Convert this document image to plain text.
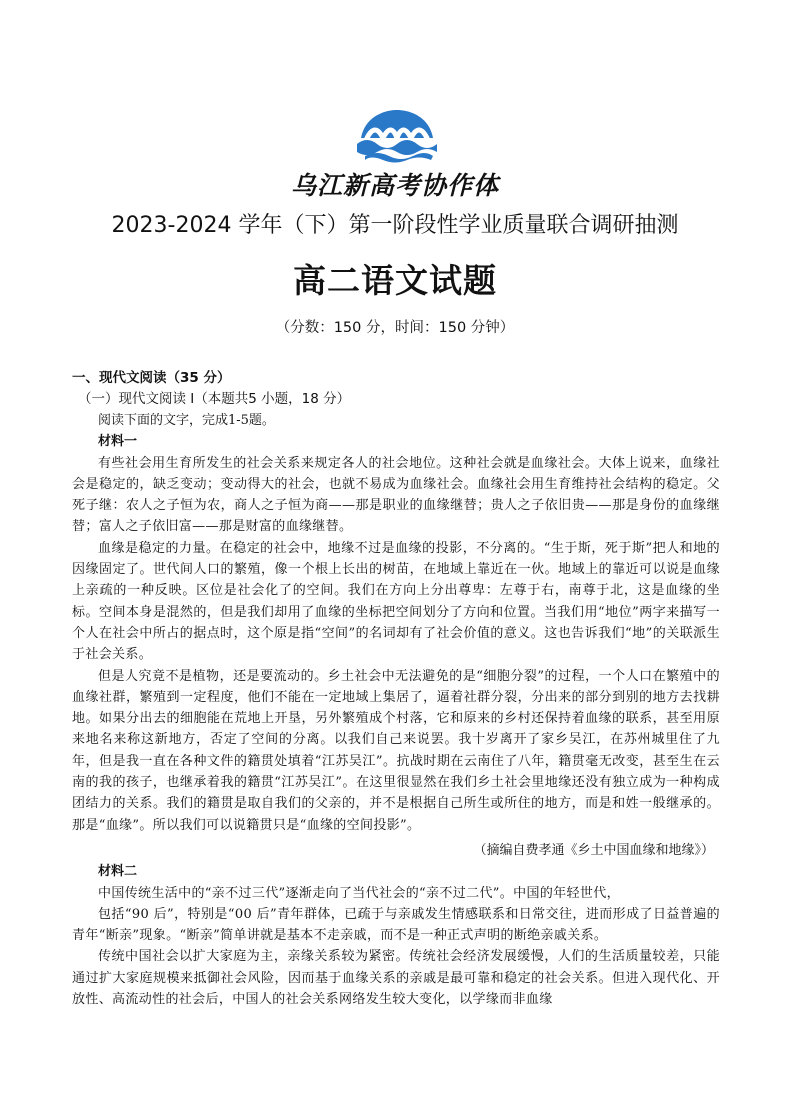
乌江新高考协作体
2023-2024 学年（下）第一阶段性学业质量联合调研抽测
高二语文试题
（分数：150 分，时间：150 分钟）
一、现代文阅读（35 分）
（一）现代文阅读 Ⅰ（本题共5 小题，18 分）

阅读下面的文字，完成1-5题。

材料一

有些社会用生育所发生的社会关系来规定各人的社会地位。这种社会就是血缘社会。大体上说来，血缘社会是稳定的，缺乏变动；变动得大的社会，也就不易成为血缘社会。血缘社会用生育维持社会结构的稳定。父死子继：农人之子恒为农，商人之子恒为商——那是职业的血缘继替；贵人之子依旧贵——那是身份的血缘继替；富人之子依旧富——那是财富的血缘继替。

血缘是稳定的力量。在稳定的社会中，地缘不过是血缘的投影，不分离的。“生于斯，死于斯”把人和地的因缘固定了。世代间人口的繁殖，像一个根上长出的树苗，在地域上靠近在一伙。地域上的靠近可以说是血缘上亲疏的一种反映。区位是社会化了的空间。我们在方向上分出尊卑：左尊于右，南尊于北，这是血缘的坐标。空间本身是混然的，但是我们却用了血缘的坐标把空间划分了方向和位置。当我们用“地位”两字来描写一个人在社会中所占的据点时，这个原是指“空间”的名词却有了社会价值的意义。这也告诉我们“地”的关联派生于社会关系。

但是人究竟不是植物，还是要流动的。乡土社会中无法避免的是“细胞分裂”的过程，一个人口在繁殖中的血缘社群，繁殖到一定程度，他们不能在一定地域上集居了，逼着社群分裂，分出来的部分到别的地方去找耕地。如果分出去的细胞能在荒地上开垦，另外繁殖成个村落，它和原来的乡村还保持着血缘的联系，甚至用原来地名来称这新地方，否定了空间的分离。以我们自己来说罢。我十岁离开了家乡吴江，在苏州城里住了九年，但是我一直在各种文件的籍贯处填着“江苏吴江”。抗战时期在云南住了八年，籍贯毫无改变，甚至生在云南的我的孩子，也继承着我的籍贯“江苏吴江”。在这里很显然在我们乡土社会里地缘还没有独立成为一种构成团结力的关系。我们的籍贯是取自我们的父亲的，并不是根据自己所生或所住的地方，而是和姓一般继承的。那是“血缘”。所以我们可以说籍贯只是“血缘的空间投影”。

（摘编自费孝通《乡土中国血缘和地缘》）

材料二

中国传统生活中的“亲不过三代”逐渐走向了当代社会的“亲不过二代”。中国的年轻世代，

包括“90 后”，特别是“00 后”青年群体，已疏于与亲戚发生情感联系和日常交往，进而形成了日益普遍的青年“断亲”现象。“断亲”简单讲就是基本不走亲戚，而不是一种正式声明的断绝亲戚关系。

传统中国社会以扩大家庭为主，亲缘关系较为紧密。传统社会经济发展缓慢，人们的生活质量较差，只能通过扩大家庭规模来抵御社会风险，因而基于血缘关系的亲戚是最可靠和稳定的社会关系。但进入现代化、开放性、高流动性的社会后，中国人的社会关系网络发生较大变化，以学缘而非血缘
